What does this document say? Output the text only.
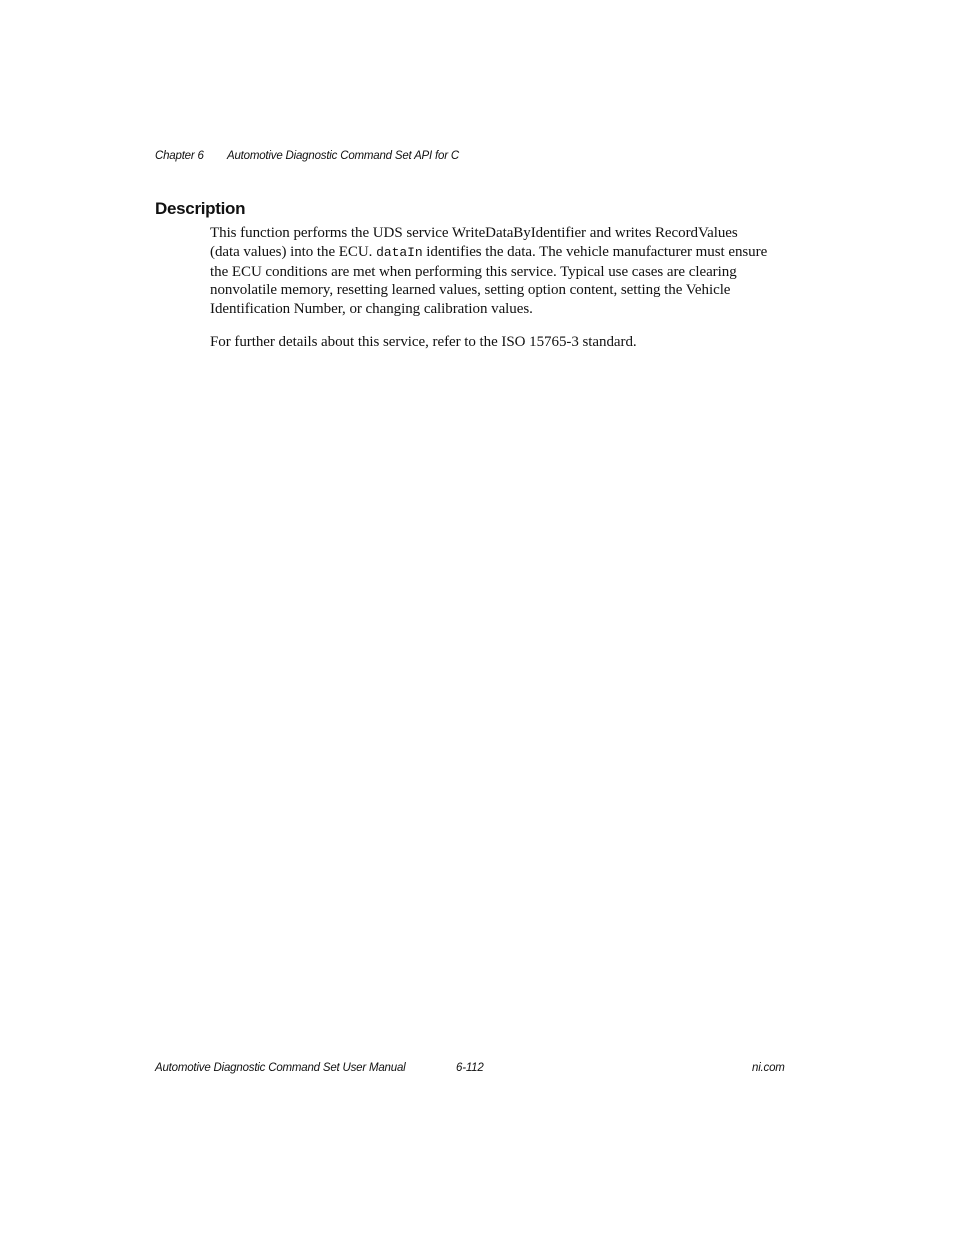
Chapter 6 Automotive Diagnostic Command Set API for C
Description

This function performs the UDS service WriteDataByIdentifier and writes RecordValues
(data values) into the ECU. dataIn identifies the data. The vehicle manufacturer must ensure
the ECU conditions are met when performing this service. Typical use cases are clearing
nonvolatile memory, resetting learned values, setting option content, setting the Vehicle
Identification Number, or changing calibration values.

For further details about this service, refer to the ISO 15765-3 standard.

Automotive Diagnostic Command Set User Manual	6-112	ni.com
